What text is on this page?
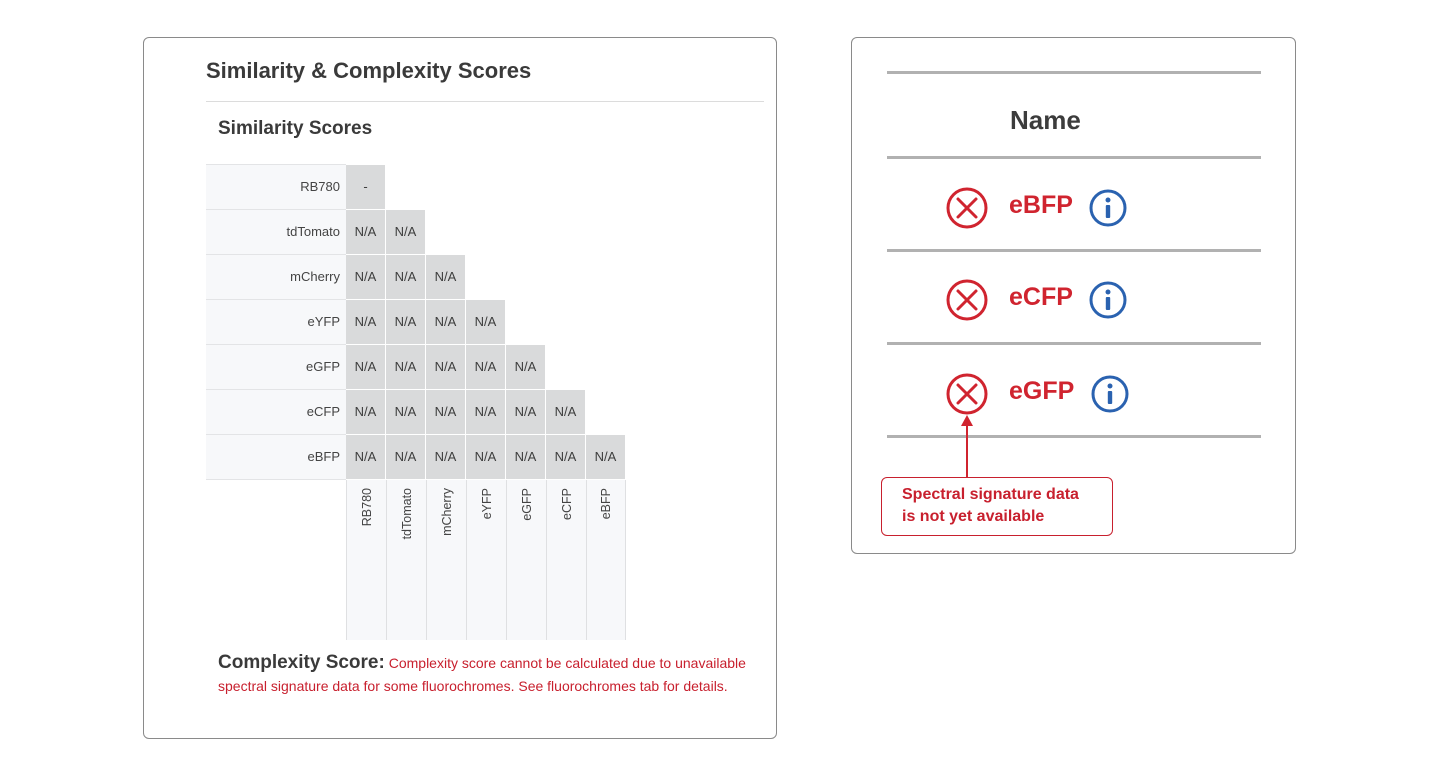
Similarity & Complexity Scores
Similarity Scores
RB780	-
tdTomato	N/A	N/A
mCherry	N/A	N/A	N/A
eYFP	N/A	N/A	N/A	N/A
eGFP	N/A	N/A	N/A	N/A	N/A
eCFP	N/A	N/A	N/A	N/A	N/A	N/A
eBFP	N/A	N/A	N/A	N/A	N/A	N/A	N/A
RB780 tdTomato mCherry eYFP eGFP eCFP eBFP
Complexity Score: Complexity score cannot be calculated due to unavailable spectral signature data for some fluorochromes. See fluorochromes tab for details.
Name
eBFP
eCFP
eGFP
Spectral signature data
is not yet available
